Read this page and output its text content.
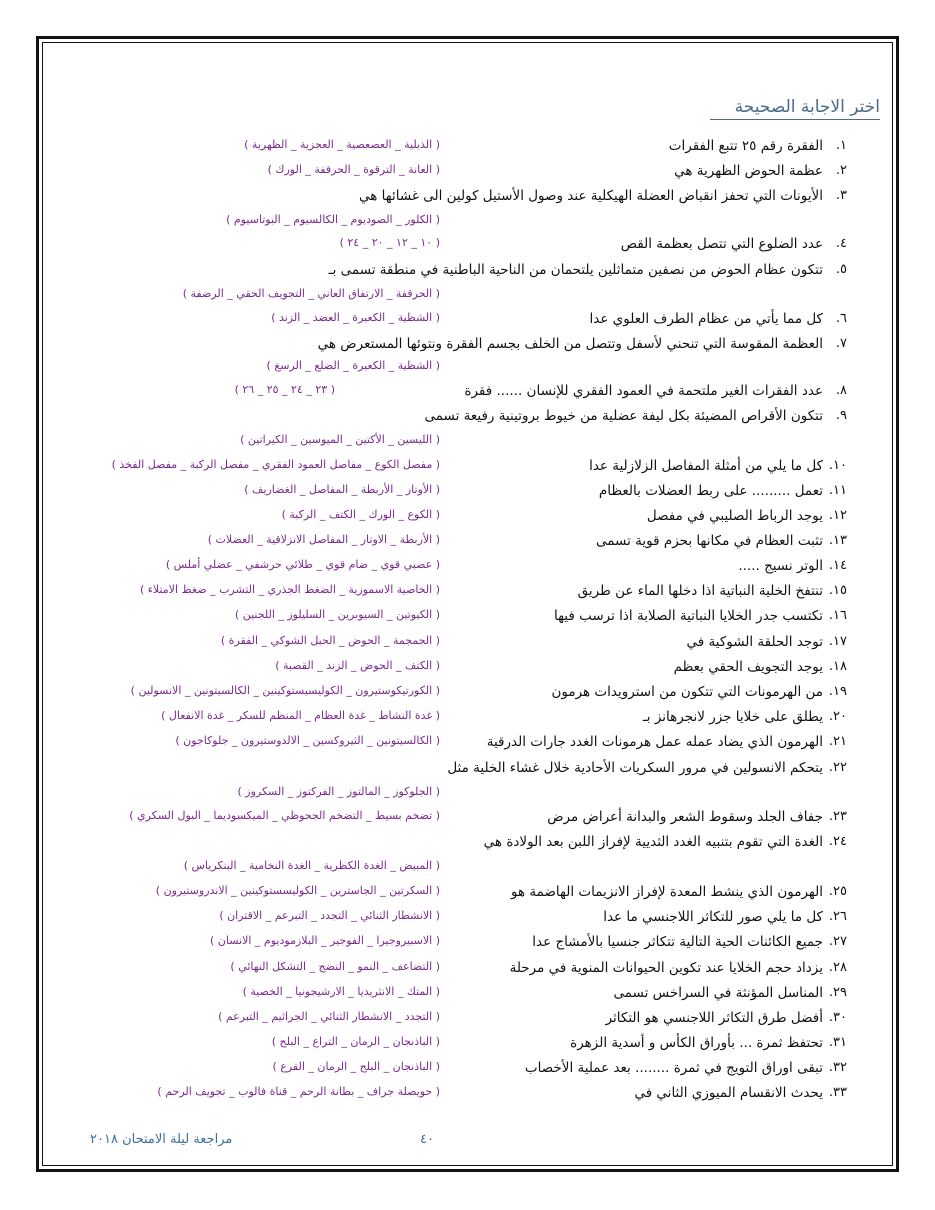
اختر الاجابة الصحيحة
١.
الفقرة رقم ٢٥ تتبع الفقرات
( الذيلية _ العصعصية _ العجزية _ الظهرية )
٢.
عظمة الحوض الظهرية هي
( العانة _ الترقوة _ الحرقفة _ الورك )
٣.
الأيونات التي تحفز انقباض العضلة الهيكلية عند وصول الأستيل كولين الى غشائها هي
( الكلور _ الصوديوم _ الكالسيوم _ البوتاسيوم )
٤.
عدد الضلوع التي تتصل بعظمة القص
( ١٠ _ ١٢ _ ٢٠ _ ٢٤ )
٥.
تتكون عظام الحوض من نصفين متماثلين يلتحمان من الناحية الباطنية في منطقة تسمى بـ
( الحرقفة _ الارتفاق العاني _ التجويف الحقي _ الرضفة )
٦.
كل مما يأتي من عظام الطرف العلوي عدا
( الشظية _ الكعبرة _ العضد _ الزند )
٧.
العظمة المقوسة التي تنحني لأسفل وتتصل من الخلف بجسم الفقرة ونتوئها المستعرض هي
( الشظية _ الكعبرة _ الضلع _ الرسغ )
٨.
عدد الفقرات الغير ملتحمة في العمود الفقري للإنسان ...... فقرة
( ٢٣ _ ٢٤ _ ٢٥ _ ٢٦ )
٩.
تتكون الأقراص المضيئة بكل ليفة عضلية من خيوط بروتينية رفيعة تسمى
( الليسين _ الأكتين _ الميوسين _ الكيراتين )
١٠.
كل ما يلي من أمثلة المفاصل الزلازلية عدا
( مفصل الكوع _ مفاصل العمود الفقري _ مفصل الركبة _ مفصل الفخذ )
١١.
تعمل ......... على ربط العضلات بالعظام
( الأوتار _ الأربطة _ المفاصل _ الغضاريف )
١٢.
يوجد الرباط الصليبي في مفصل
( الكوع _ الورك _ الكتف _ الركبة )
١٣.
تثبت العظام في مكانها بحزم قوية تسمى
( الأربطة _ الاوتار _ المفاصل الانزلاقية _ العضلات )
١٤.
الوتر نسيج .....
( عصبي قوي _ ضام قوي _ طلائي حرشفي _ عضلي أملس )
١٥.
تنتفخ الخلية النباتية اذا دخلها الماء عن طريق
( الخاصية الاسموزية _ الضغط الجذري _ التشرب _ ضغط الامتلاء )
١٦.
تكتسب جدر الخلايا النباتية الصلابة اذا ترسب فيها
( الكيوتين _ السيوبرين _ السليلوز _ اللجنين )
١٧.
توجد الحلقة الشوكية في
( الجمجمة _ الحوض _ الحبل الشوكي _ الفقرة )
١٨.
يوجد التجويف الحقي بعظم
( الكتف _ الحوض _ الزند _ القصبة )
١٩.
من الهرمونات التي تتكون من استرويدات هرمون
( الكورتيكوستيرون _ الكوليسيستوكينين _ الكالسيتونين _ الانسولين )
٢٠.
يطلق على خلايا جزر لانجرهانز بـ
( غدة النشاط _ غدة العظام _ المنظم للسكر _ غدة الانفعال )
٢١.
الهرمون الذي يضاد عمله عمل هرمونات الغدد جارات الدرقية
( الكالسيتونين _ الثيروكسين _ الالدوستيرون _ جلوكاجون )
٢٢.
يتحكم الانسولين في مرور السكريات الأحادية خلال غشاء الخلية مثل
( الجلوكوز _ المالتوز _ الفركتوز _ السكروز )
٢٣.
جفاف الجلد وسقوط الشعر والبدانة أعراض مرض
( تضخم بسيط _ التضخم الجحوظي _ الميكسوديما _ البول السكري )
٢٤.
الغدة التي تقوم بتنبيه الغدد الثديية لإفراز اللبن بعد الولادة هي
( المبيض _ الغدة الكظرية _ الغدة النخامية _ البنكرياس )
٢٥.
الهرمون الذي ينشط المعدة لإفراز الانزيمات الهاضمة هو
( السكرتين _ الجاسترين _ الكوليسستوكينين _ الاندروستيرون )
٢٦.
كل ما يلي صور للتكاثر اللاجنسي ما عدا
( الانشطار الثنائي _ التجدد _ التبرعم _ الاقتران )
٢٧.
جميع الكائنات الحية التالية تتكاثر جنسيا بالأمشاج عدا
( الاسبيروجيرا _ الفوجير _ البلازموديوم _ الانسان )
٢٨.
يزداد حجم الخلايا عند تكوين الحيوانات المنوية في مرحلة
( التضاعف _ النمو _ النضج _ التشكل النهائي )
٢٩.
المناسل المؤنثة في السراخس تسمى
( المتك _ الانثريديا _ الارشيجونيا _ الخصية )
٣٠.
أفضل طرق التكاثر اللاجنسي هو التكاثر
( التجدد _ الانشطار الثنائي _ الجراثيم _ التبرعم )
٣١.
تحتفظ ثمرة ... بأوراق الكأس و أسدية الزهرة
( الباذنجان _ الرمان _ التراع _ البلح )
٣٢.
تبقى اوراق التويج في ثمرة ........ بعد عملية الأخصاب
( الباذنجان _ البلح _ الرمان _ القرع )
٣٣.
يحدث الانقسام الميوزي الثاني في
( حويصلة جراف _ بطانة الرحم _ قناة فالوب _ تجويف الرحم )
٤٠
مراجعة ليلة الامتحان ٢٠١٨
